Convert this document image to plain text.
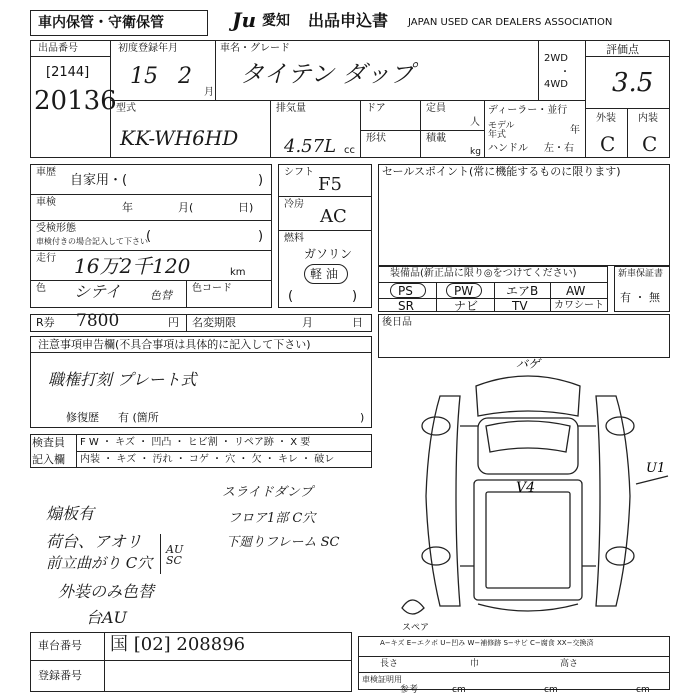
車内保管・守衛保管	Ju 愛知 出品申込書 JAPAN USED CAR DEALERS ASSOCIATION
出品番号
[2144]
20136
初度登録年月
15 2
月
車名・グレード
タイテン ダップ
2WD
4WD
・
評価点
3.5
外装 内装
C C
型式
KK-WH6HD
排気量
4.57L cc
ドア	定員
人
形状	積載
kg
ディーラー・並行
モデル年式	年
ハンドル 左・右
車歴
自家用・(	)
車検	年	月(	日)
受検形態
車検付きの場合記入して下さい
(	)
走行 16万2千120	km
色 シテイ	色替
色コード
シフト
F5
冷房
AC
燃料
ガソリン
軽 油
(	)
セールスポイント(常に機能するものに限ります)
装備品(新正品に限り◎をつけてください)
PS	PW	エアB AW
SR	ナビ	TV	カワシート
新車保証書
有 ・ 無
R券 7800	円 名変期限	月	日 後日品
注意事項申告欄(不具合事項は具体的に記入して下さい)
職権打刻 プレート式
修復歴 有 (箇所	)
検査員
記入欄
F W ・ キズ ・ 凹凸 ・ ヒビ割 ・ リペア跡 ・ X 要
内装 ・ キズ ・ 汚れ ・ コゲ ・ 穴 ・ 欠 ・ キレ ・ 破レ
スライドダンプ
フロア1部 C穴
下廻りフレーム SC
煽板有
荷台、アオリ
前立曲がり C穴
外装のみ色替
台AU
AU SC
バゲ
V4
U1
スペア
A−キズ E−エクボ U−凹み W−補修跡 S−サビ C−腐食 XX−交換済
車検証明用
長さ	巾	高さ
参考	cm	cm	cm
車台番号 国 [02] 208896
登録番号
